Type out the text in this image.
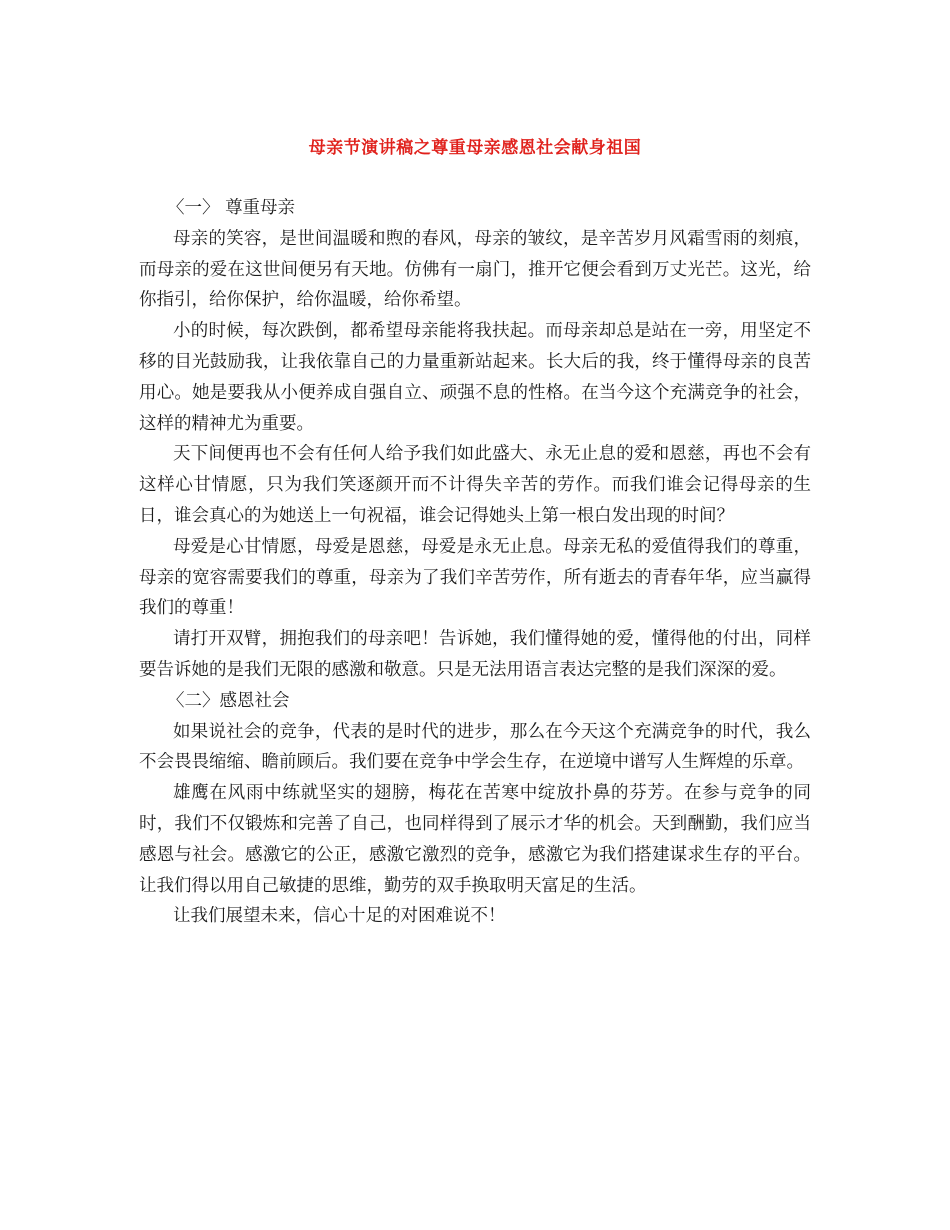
母亲节演讲稿之尊重母亲感恩社会献身祖国

〈一〉 尊重母亲

母亲的笑容，是世间温暖和煦的春风，母亲的皱纹，是辛苦岁月风霜雪雨的刻痕，而母亲的爱在这世间便另有天地。仿佛有一扇门，推开它便会看到万丈光芒。这光，给你指引，给你保护，给你温暖，给你希望。

小的时候，每次跌倒，都希望母亲能将我扶起。而母亲却总是站在一旁，用坚定不移的目光鼓励我，让我依靠自己的力量重新站起来。长大后的我，终于懂得母亲的良苦用心。她是要我从小便养成自强自立、顽强不息的性格。在当今这个充满竞争的社会，这样的精神尤为重要。

天下间便再也不会有任何人给予我们如此盛大、永无止息的爱和恩慈，再也不会有这样心甘情愿，只为我们笑逐颜开而不计得失辛苦的劳作。而我们谁会记得母亲的生日，谁会真心的为她送上一句祝福，谁会记得她头上第一根白发出现的时间？

母爱是心甘情愿，母爱是恩慈，母爱是永无止息。母亲无私的爱值得我们的尊重，母亲的宽容需要我们的尊重，母亲为了我们辛苦劳作，所有逝去的青春年华，应当赢得我们的尊重！

请打开双臂，拥抱我们的母亲吧！告诉她，我们懂得她的爱，懂得他的付出，同样要告诉她的是我们无限的感激和敬意。只是无法用语言表达完整的是我们深深的爱。

〈二〉感恩社会

如果说社会的竞争，代表的是时代的进步，那么在今天这个充满竞争的时代，我么不会畏畏缩缩、瞻前顾后。我们要在竞争中学会生存，在逆境中谱写人生辉煌的乐章。

雄鹰在风雨中练就坚实的翅膀，梅花在苦寒中绽放扑鼻的芬芳。在参与竞争的同时，我们不仅锻炼和完善了自己，也同样得到了展示才华的机会。天到酬勤，我们应当感恩与社会。感激它的公正，感激它激烈的竞争，感激它为我们搭建谋求生存的平台。让我们得以用自己敏捷的思维，勤劳的双手换取明天富足的生活。

让我们展望未来，信心十足的对困难说不！
